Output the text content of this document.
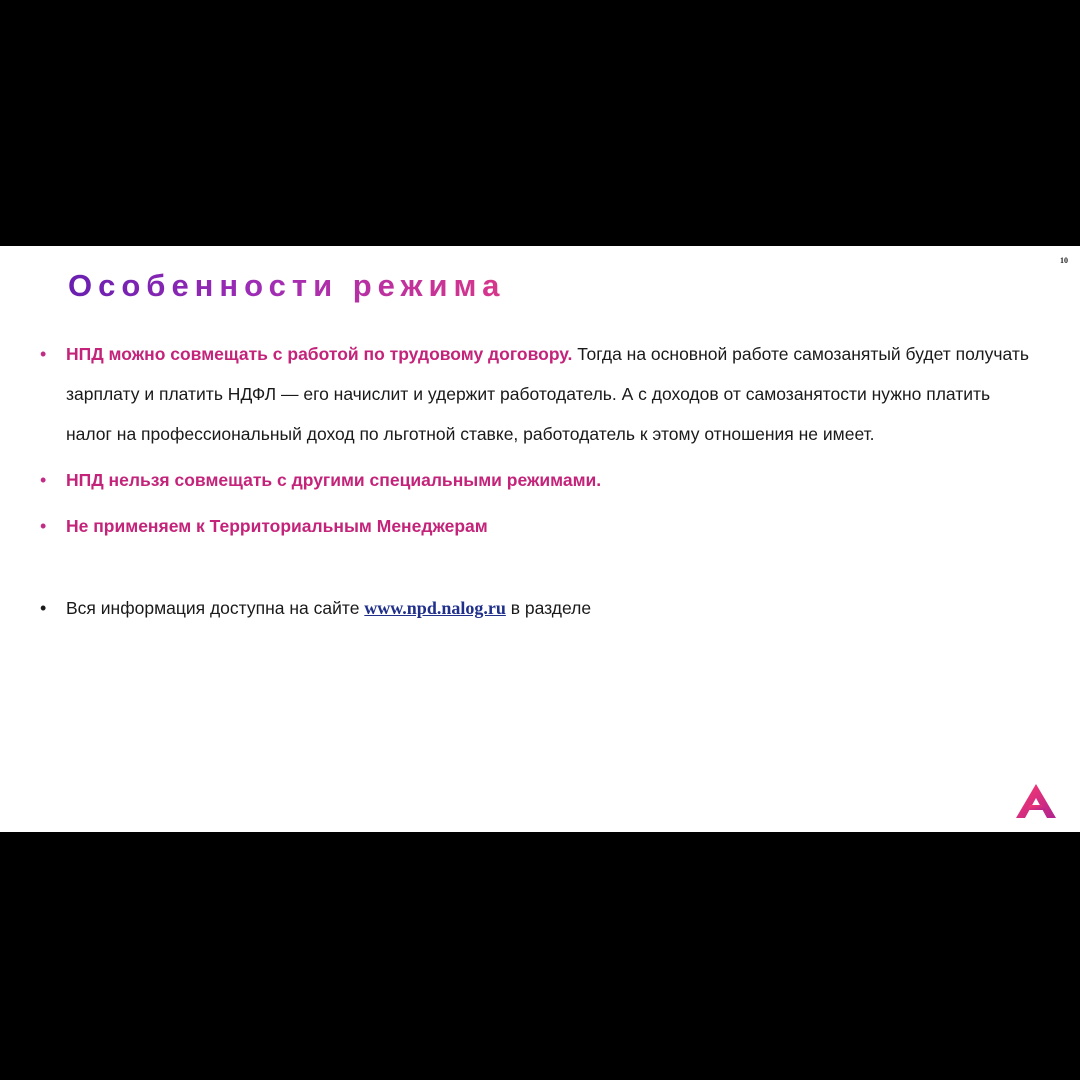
10
Особенности режима
• НПД можно совмещать с работой по трудовому договору. Тогда на основной работе самозанятый будет получать зарплату и платить НДФЛ — его начислит и удержит работодатель. А с доходов от самозанятости нужно платить налог на профессиональный доход по льготной ставке, работодатель к этому отношения не имеет.
• НПД нельзя совмещать с другими специальными режимами.
• Не применяем к Территориальным Менеджерам
• Вся информация доступна на сайте www.npd.nalog.ru в разделе
